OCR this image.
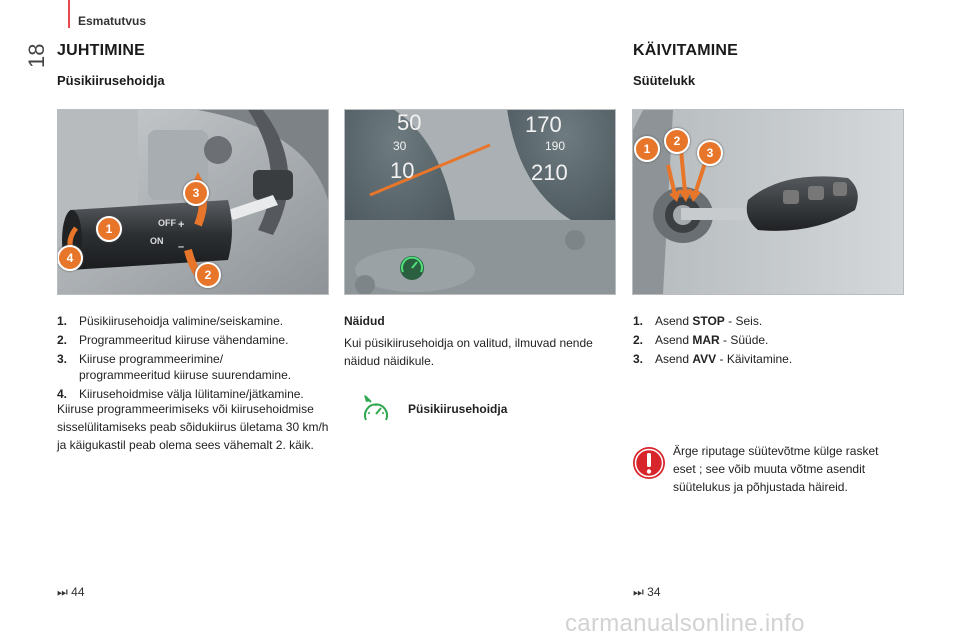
Esmatutvus
18 JUHTIMINE
Püsikiirusehoidja
OFF
ON
+
–
1
2
3
4
1. Püsikiirusehoidja valimine/seiskamine.
2. Programmeeritud kiiruse vähendamine.
3. Kiiruse programmeerimine/ programmeeritud kiiruse suurendamine.
4. Kiirusehoidmise välja lülitamine/jätkamine.
Kiiruse programmeerimiseks või kiirusehoidmise sisselülitamiseks peab sõidukiirus ületama 30 km/h ja käigukastil peab olema sees vähemalt 2. käik.
⏭ 44
50
30
10
170
190
210
Näidud
Kui püsikiirusehoidja on valitud, ilmuvad nende näidud näidikule.
Püsikiirusehoidja
KÄIVITAMINE
Süütelukk
1
2
3
1. Asend STOP - Seis.
2. Asend MAR - Süüde.
3. Asend AVV - Käivitamine.
Ärge riputage süütevõtme külge rasket eset ; see võib muuta võtme asendit süütelukus ja põhjustada häireid.
⏭ 34
carmanualsonline.info
